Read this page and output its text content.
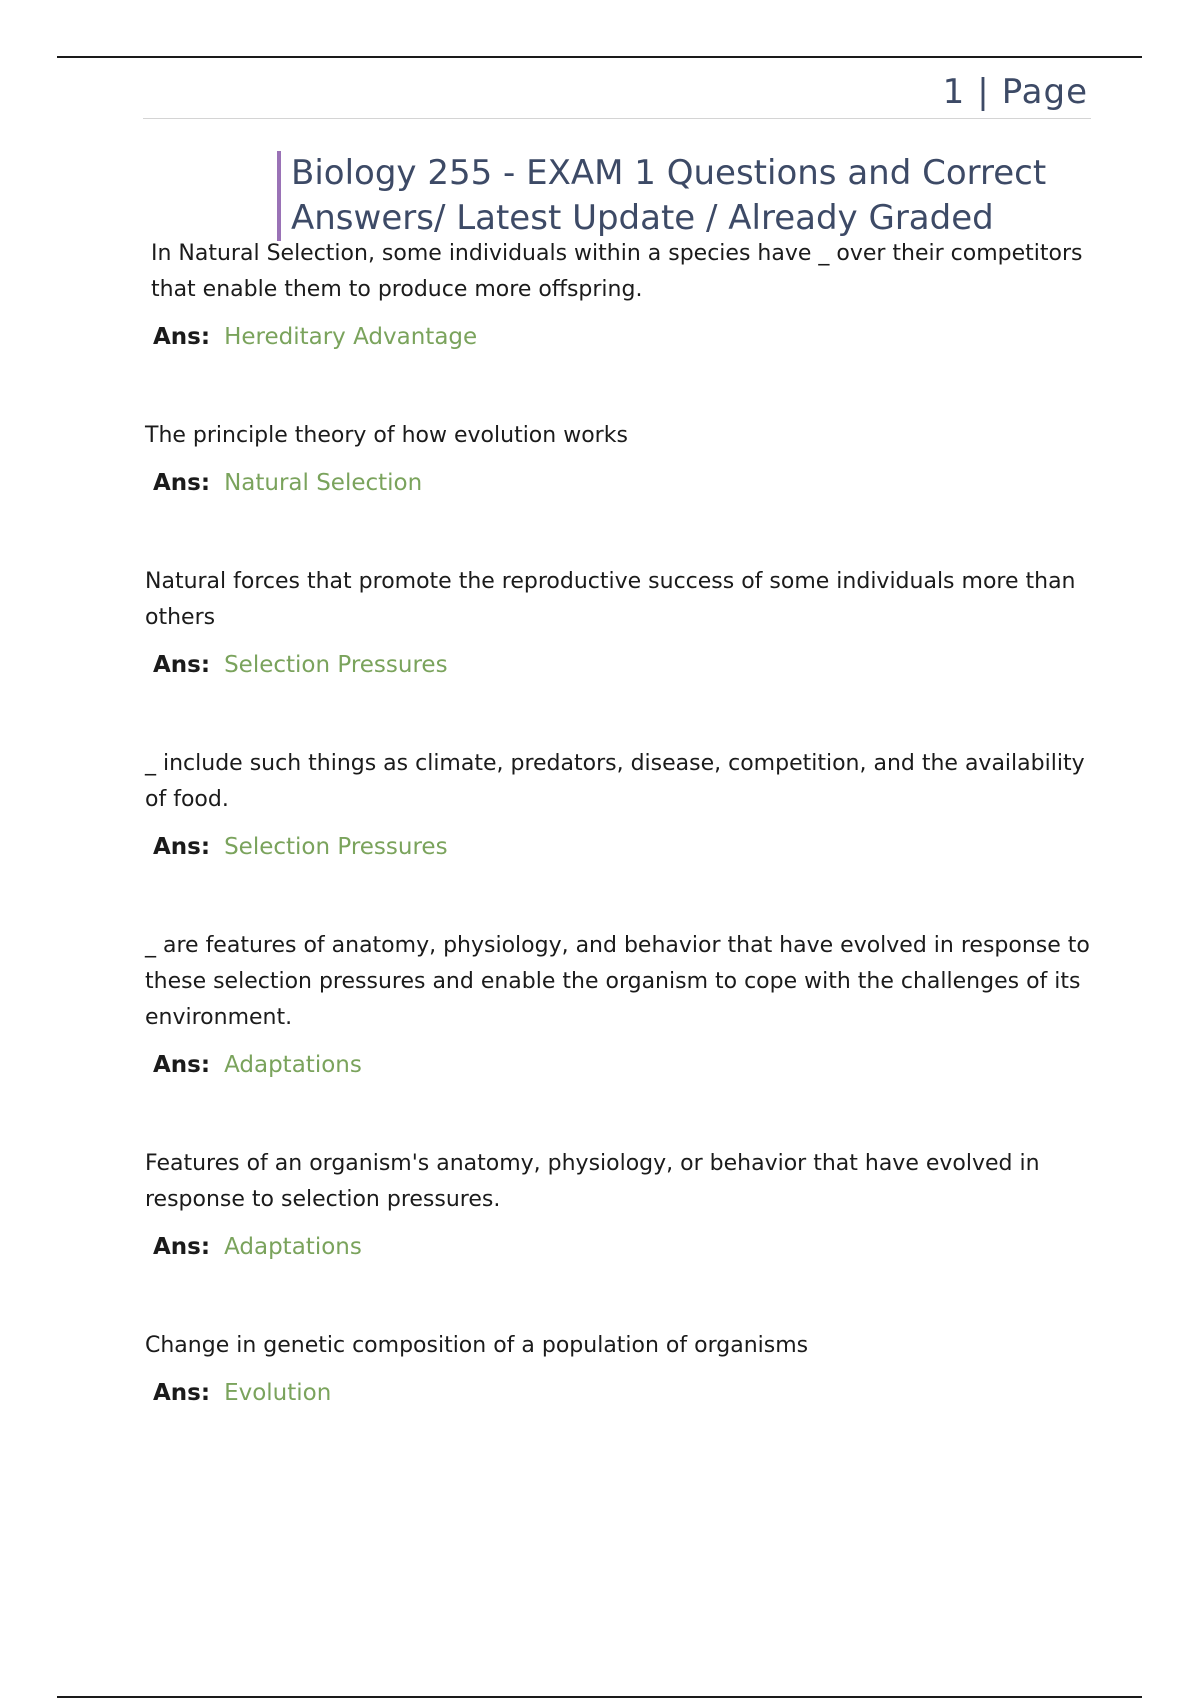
1 | Page
Biology 255 - EXAM 1 Questions and Correct
Answers/ Latest Update / Already Graded
In Natural Selection, some individuals within a species have _ over their competitors that enable them to produce more offspring.
Ans: Hereditary Advantage
The principle theory of how evolution works
Ans: Natural Selection
Natural forces that promote the reproductive success of some individuals more than others
Ans: Selection Pressures
_ include such things as climate, predators, disease, competition, and the availability of food.
Ans: Selection Pressures
_ are features of anatomy, physiology, and behavior that have evolved in response to these selection pressures and enable the organism to cope with the challenges of its environment.
Ans: Adaptations
Features of an organism's anatomy, physiology, or behavior that have evolved in response to selection pressures.
Ans: Adaptations
Change in genetic composition of a population of organisms
Ans: Evolution
